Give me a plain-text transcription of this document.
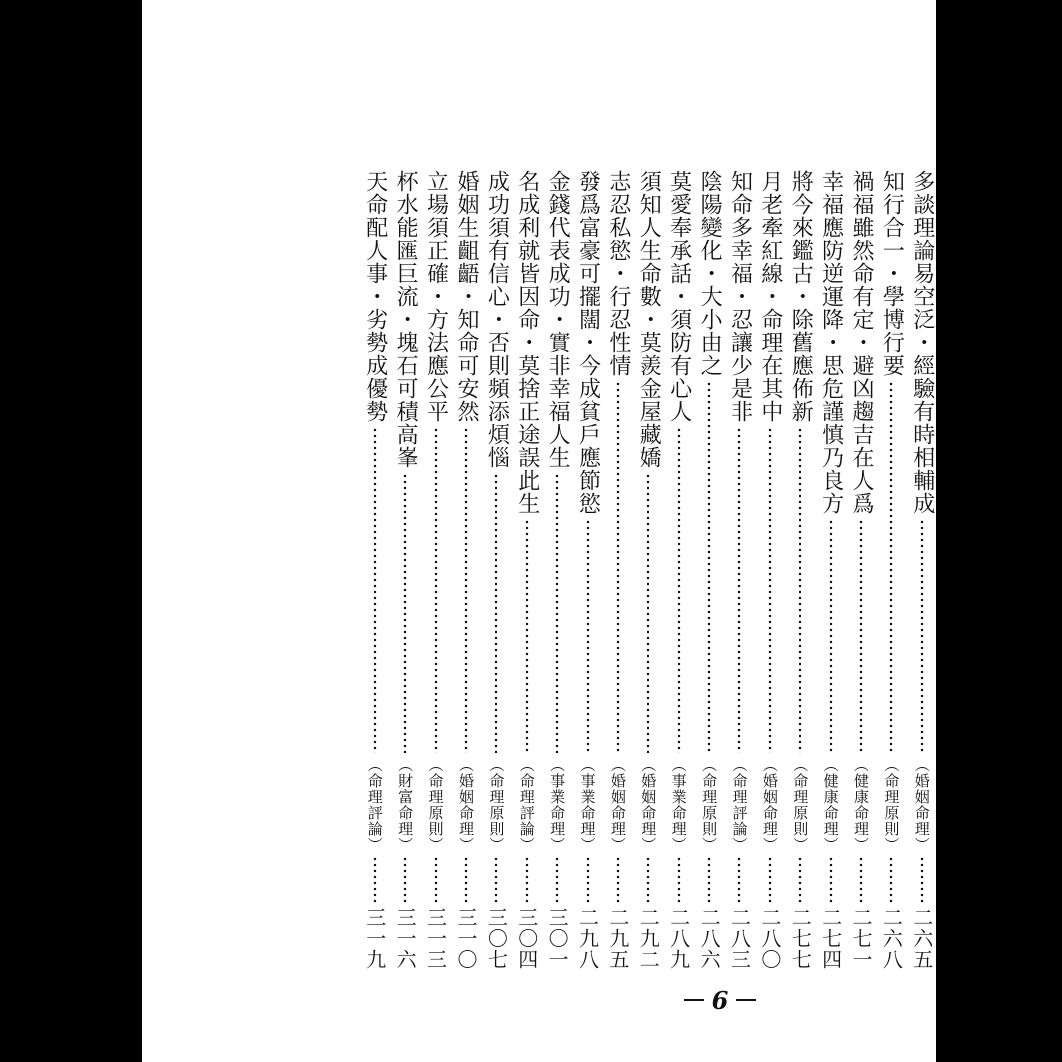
多談理論易空泛・經驗有時相輔成
（婚姻命理）
二六五
知行合一・學博行要
（命理原則）
二六八
禍福雖然命有定・避凶趨吉在人爲
（健康命理）
二七一
幸福應防逆運降・思危謹慎乃良方
（健康命理）
二七四
將今來鑑古・除舊應佈新
（命理原則）
二七七
月老牽紅線・命理在其中
（婚姻命理）
二八〇
知命多幸福・忍讓少是非
（命理評論）
二八三
陰陽變化・大小由之
（命理原則）
二八六
莫愛奉承話・須防有心人
（事業命理）
二八九
須知人生命數・莫羨金屋藏嬌
（婚姻命理）
二九二
志忍私慾・行忍性情
（婚姻命理）
二九五
發爲富豪可擺闊・今成貧戶應節慾
（事業命理）
二九八
金錢代表成功・實非幸福人生
（事業命理）
三〇一
名成利就皆因命・莫捨正途誤此生
（命理評論）
三〇四
成功須有信心・否則頻添煩惱
（命理原則）
三〇七
婚姻生齟齬・知命可安然
（婚姻命理）
三一〇
立場須正確・方法應公平
（命理原則）
三一三
杯水能匯巨流・塊石可積高峯
（財富命理）
三一六
天命配人事・劣勢成優勢
（命理評論）
三一九
6
